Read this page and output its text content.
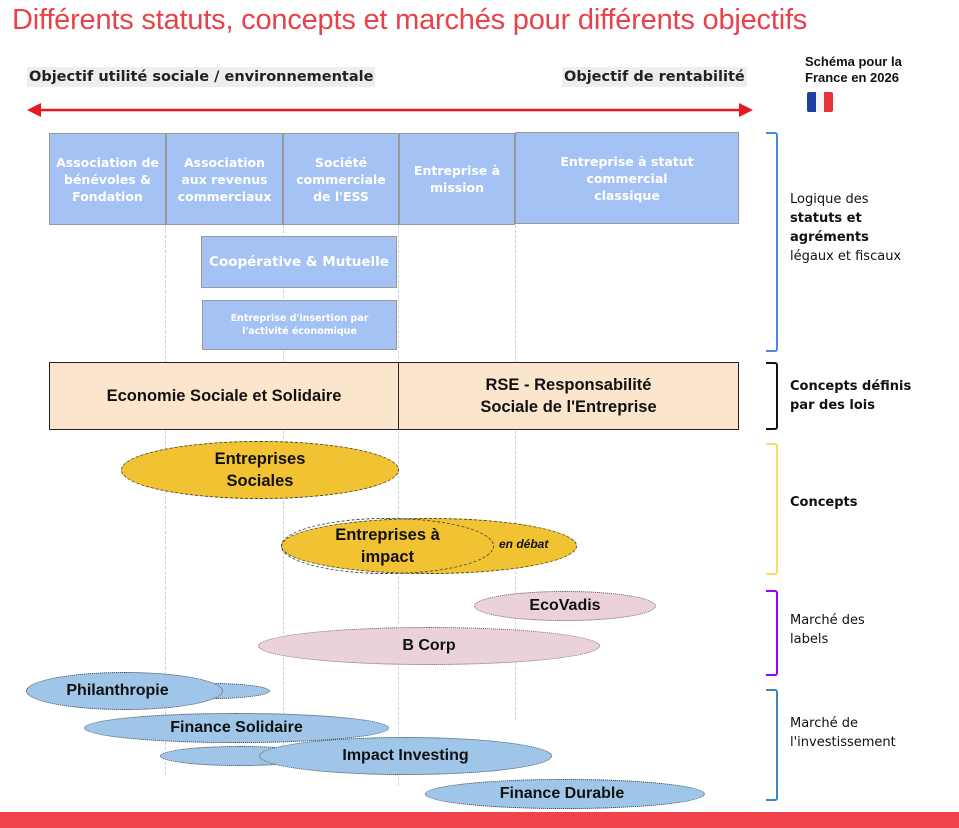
Différents statuts, concepts et marchés pour différents objectifs
Objectif utilité sociale / environnementale	Objectif de rentabilité
Schéma pour la
France en 2026
Association de bénévoles & Fondation
Association aux revenus commerciaux
Société commerciale de l'ESS
Entreprise à mission
Entreprise à statut commercial classique
Coopérative & Mutuelle
Entreprise d'insertion par l'activité économique
Economie Sociale et Solidaire
RSE - Responsabilité
Sociale de l'Entreprise
Entreprises
Sociales
Entreprises à
impact
en débat
EcoVadis
B Corp
Philanthropie
Finance Solidaire
Impact Investing
Finance Durable
Logique des
statuts et
agréments
légaux et fiscaux
Concepts définis
par des lois
Concepts
Marché des
labels
Marché de
l'investissement
